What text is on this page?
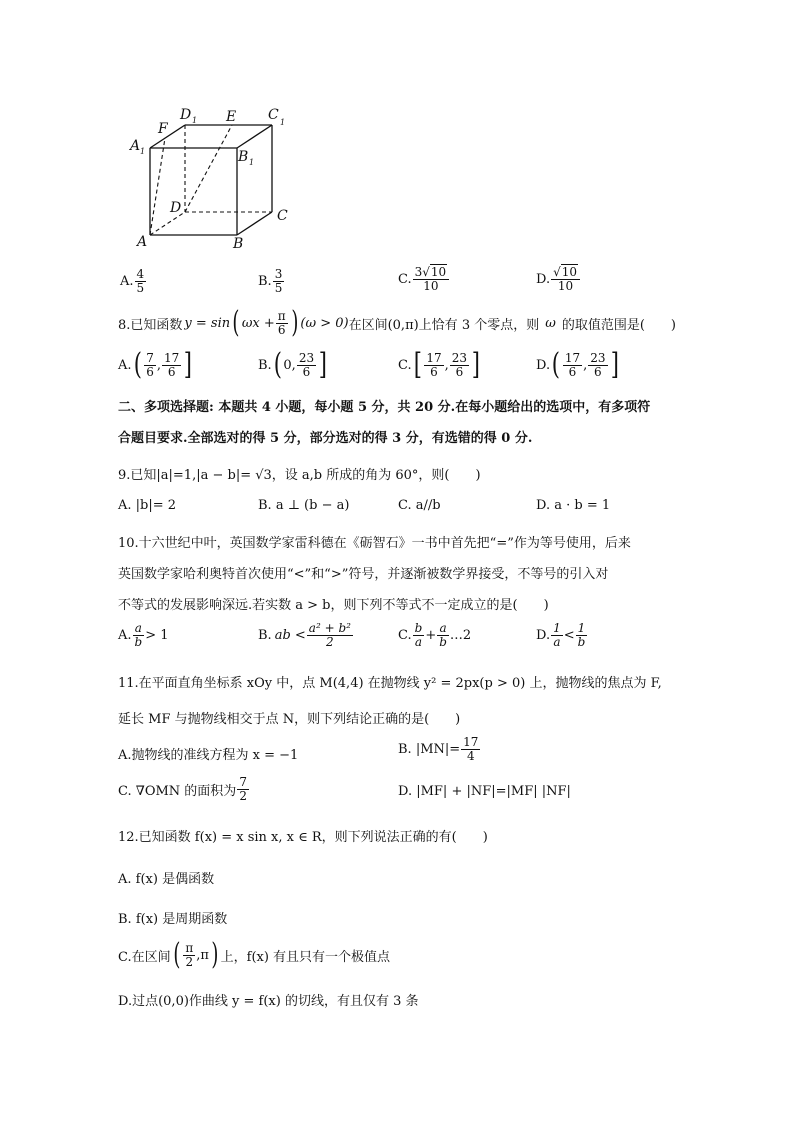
A 1
F
D 1 E C 1
B 1
D	C
A	B
A. $\frac{4}{5}$	B. $\frac{3}{5}$	C. $\frac{3√10}{10}$	D. $\frac{√10}{10}$
8.已知函数 y = sin ( $\omega x + \frac{\pi}{6}$ ) (ω > 0) 在区间(0,π)上恰有 3 个零点，则 ω 的取值范围是(　　)
A. ( $\frac{7}{6}$ , $\frac{17}{6}$ ]	B. ( 0, $\frac{23}{6}$ ]	C. [ $\frac{17}{6}$ , $\frac{23}{6}$ ]	D. ( $\frac{17}{6}$ , $\frac{23}{6}$ ]
二、多项选择题: 本题共 4 小题，每小题 5 分，共 20 分.在每小题给出的选项中，有多项符
合题目要求.全部选对的得 5 分，部分选对的得 3 分，有选错的得 0 分.
9.已知|a|=1,|a − b|= √3，设 a,b 所成的角为 60°，则(　　)
A. |b|= 2	B. a ⊥ (b − a)	C. a//b	D. a · b = 1
10.十六世纪中叶，英国数学家雷科德在《砺智石》一书中首先把“=”作为等号使用，后来
英国数学家哈利奥特首次使用“<”和“>”符号，并逐渐被数学界接受，不等号的引入对
不等式的发展影响深远.若实数 a > b，则下列不等式不一定成立的是(　　)
A. $\frac{a}{b} > 1$	B. ab < $\frac{\text{a² + b²}}{2}$	C. $\frac{b}{a} + \frac{a}{b}$ …2	D. $\frac{1}{a} < \frac{1}{b}$
11.在平面直角坐标系 xOy 中，点 M(4,4) 在抛物线 y² = 2px(p > 0) 上，抛物线的焦点为 F,
延长 MF 与抛物线相交于点 N，则下列结论正确的是(　　)
A.抛物线的准线方程为 x = −1	B. $|MN|= \frac{17}{4}$
C. ∇OMN 的面积为 $\frac{7}{2}$	D. |MF| + |NF|=|MF| |NF|
12.已知函数 f(x) = x sin x, x ∈ R，则下列说法正确的有(　　)
A. f(x) 是偶函数
B. f(x) 是周期函数
C.在区间 ( $\frac{\pi}{2} ,\pi$ ) 上，f(x) 有且只有一个极值点
D.过点(0,0)作曲线 y = f(x) 的切线，有且仅有 3 条
